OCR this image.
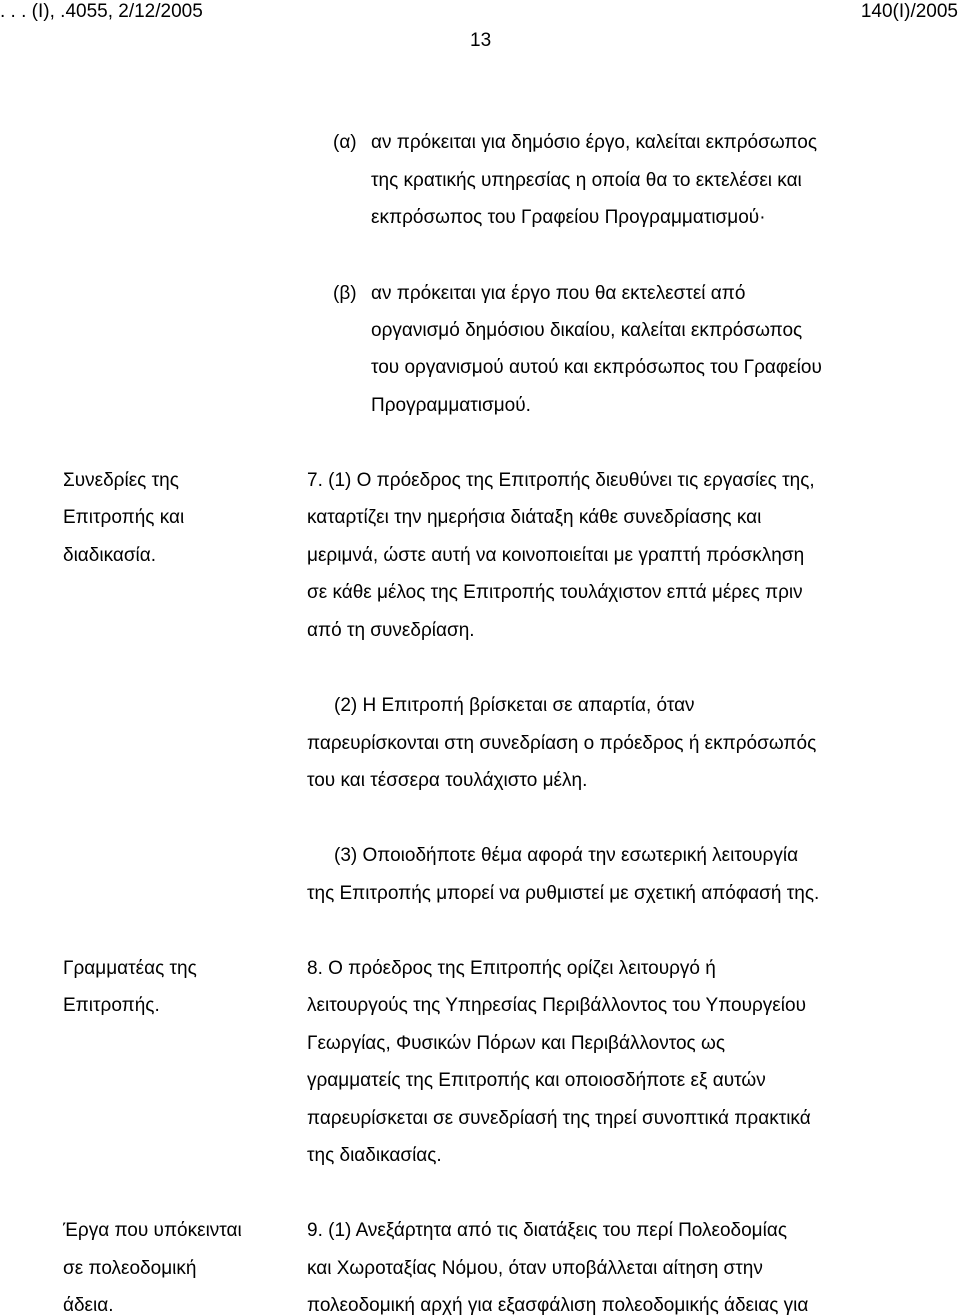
. . . (Ι), .4055, 2/12/2005	140(Ι)/2005
13
(α) αν πρόκειται για δημόσιο έργο, καλείται εκπρόσωπος
της κρατικής υπηρεσίας η οποία θα το εκτελέσει και
εκπρόσωπος του Γραφείου Προγραμματισμού·
(β) αν πρόκειται για έργο που θα εκτελεστεί από
οργανισμό δημόσιου δικαίου, καλείται εκπρόσωπος
του οργανισμού αυτού και εκπρόσωπος του Γραφείου
Προγραμματισμού.
Συνεδρίες της
Επιτροπής και
διαδικασία.
7. (1) Ο πρόεδρος της Επιτροπής διευθύνει τις εργασίες της,
καταρτίζει την ημερήσια διάταξη κάθε συνεδρίασης και
μεριμνά, ώστε αυτή να κοινοποιείται με γραπτή πρόσκληση
σε κάθε μέλος της Επιτροπής τουλάχιστον επτά μέρες πριν
από τη συνεδρίαση.
(2) Η Επιτροπή βρίσκεται σε απαρτία, όταν
παρευρίσκονται στη συνεδρίαση ο πρόεδρος ή εκπρόσωπός
του και τέσσερα τουλάχιστο μέλη.
(3) Οποιοδήποτε θέμα αφορά την εσωτερική λειτουργία
της Επιτροπής μπορεί να ρυθμιστεί με σχετική απόφασή της.
Γραμματέας της
Επιτροπής.
8. Ο πρόεδρος της Επιτροπής ορίζει λειτουργό ή
λειτουργούς της Υπηρεσίας Περιβάλλοντος του Υπουργείου
Γεωργίας, Φυσικών Πόρων και Περιβάλλοντος ως
γραμματείς της Επιτροπής και οποιοσδήποτε εξ αυτών
παρευρίσκεται σε συνεδρίασή της τηρεί συνοπτικά πρακτικά
της διαδικασίας.
Έργα που υπόκεινται
σε πολεοδομική
άδεια.
9. (1) Ανεξάρτητα από τις διατάξεις του περί Πολεοδομίας
και Χωροταξίας Νόμου, όταν υποβάλλεται αίτηση στην
πολεοδομική αρχή για εξασφάλιση πολεοδομικής άδειας για
